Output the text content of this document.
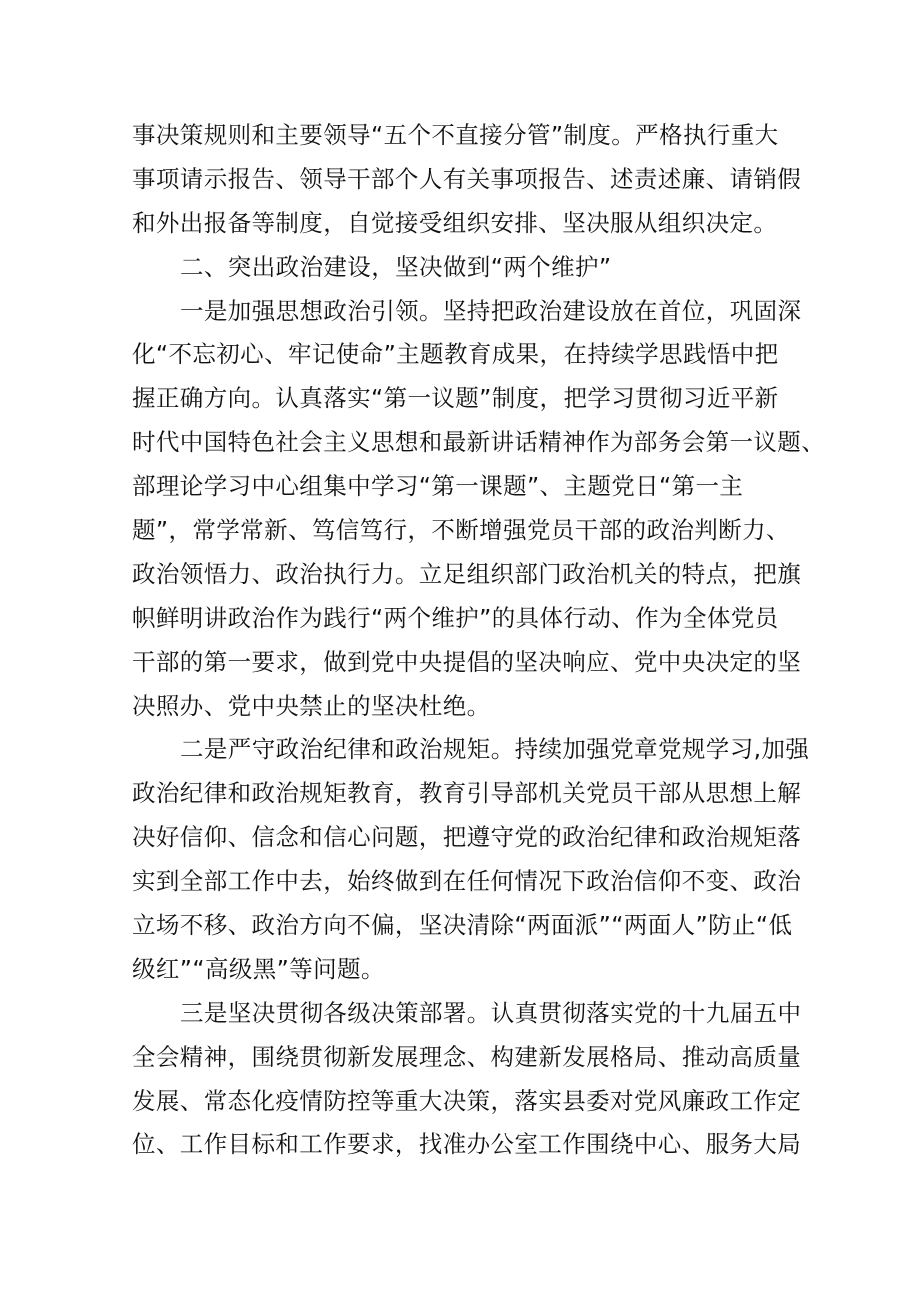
事决策规则和主要领导“五个不直接分管”制度。严格执行重大
事项请示报告、领导干部个人有关事项报告、述责述廉、请销假
和外出报备等制度，自觉接受组织安排、坚决服从组织决定。
二、突出政治建设，坚决做到“两个维护”
一是加强思想政治引领。坚持把政治建设放在首位，巩固深
化“不忘初心、牢记使命”主题教育成果，在持续学思践悟中把
握正确方向。认真落实“第一议题”制度，把学习贯彻习近平新
时代中国特色社会主义思想和最新讲话精神作为部务会第一议题、
部理论学习中心组集中学习“第一课题”、主题党日“第一主
题”，常学常新、笃信笃行，不断增强党员干部的政治判断力、
政治领悟力、政治执行力。立足组织部门政治机关的特点，把旗
帜鲜明讲政治作为践行“两个维护”的具体行动、作为全体党员
干部的第一要求，做到党中央提倡的坚决响应、党中央决定的坚
决照办、党中央禁止的坚决杜绝。
二是严守政治纪律和政治规矩。持续加强党章党规学习,加强
政治纪律和政治规矩教育，教育引导部机关党员干部从思想上解
决好信仰、信念和信心问题，把遵守党的政治纪律和政治规矩落
实到全部工作中去，始终做到在任何情况下政治信仰不变、政治
立场不移、政治方向不偏，坚决清除“两面派”“两面人”防止“低
级红”“高级黑”等问题。
三是坚决贯彻各级决策部署。认真贯彻落实党的十九届五中
全会精神，围绕贯彻新发展理念、构建新发展格局、推动高质量
发展、常态化疫情防控等重大决策，落实县委对党风廉政工作定
位、工作目标和工作要求，找准办公室工作围绕中心、服务大局
